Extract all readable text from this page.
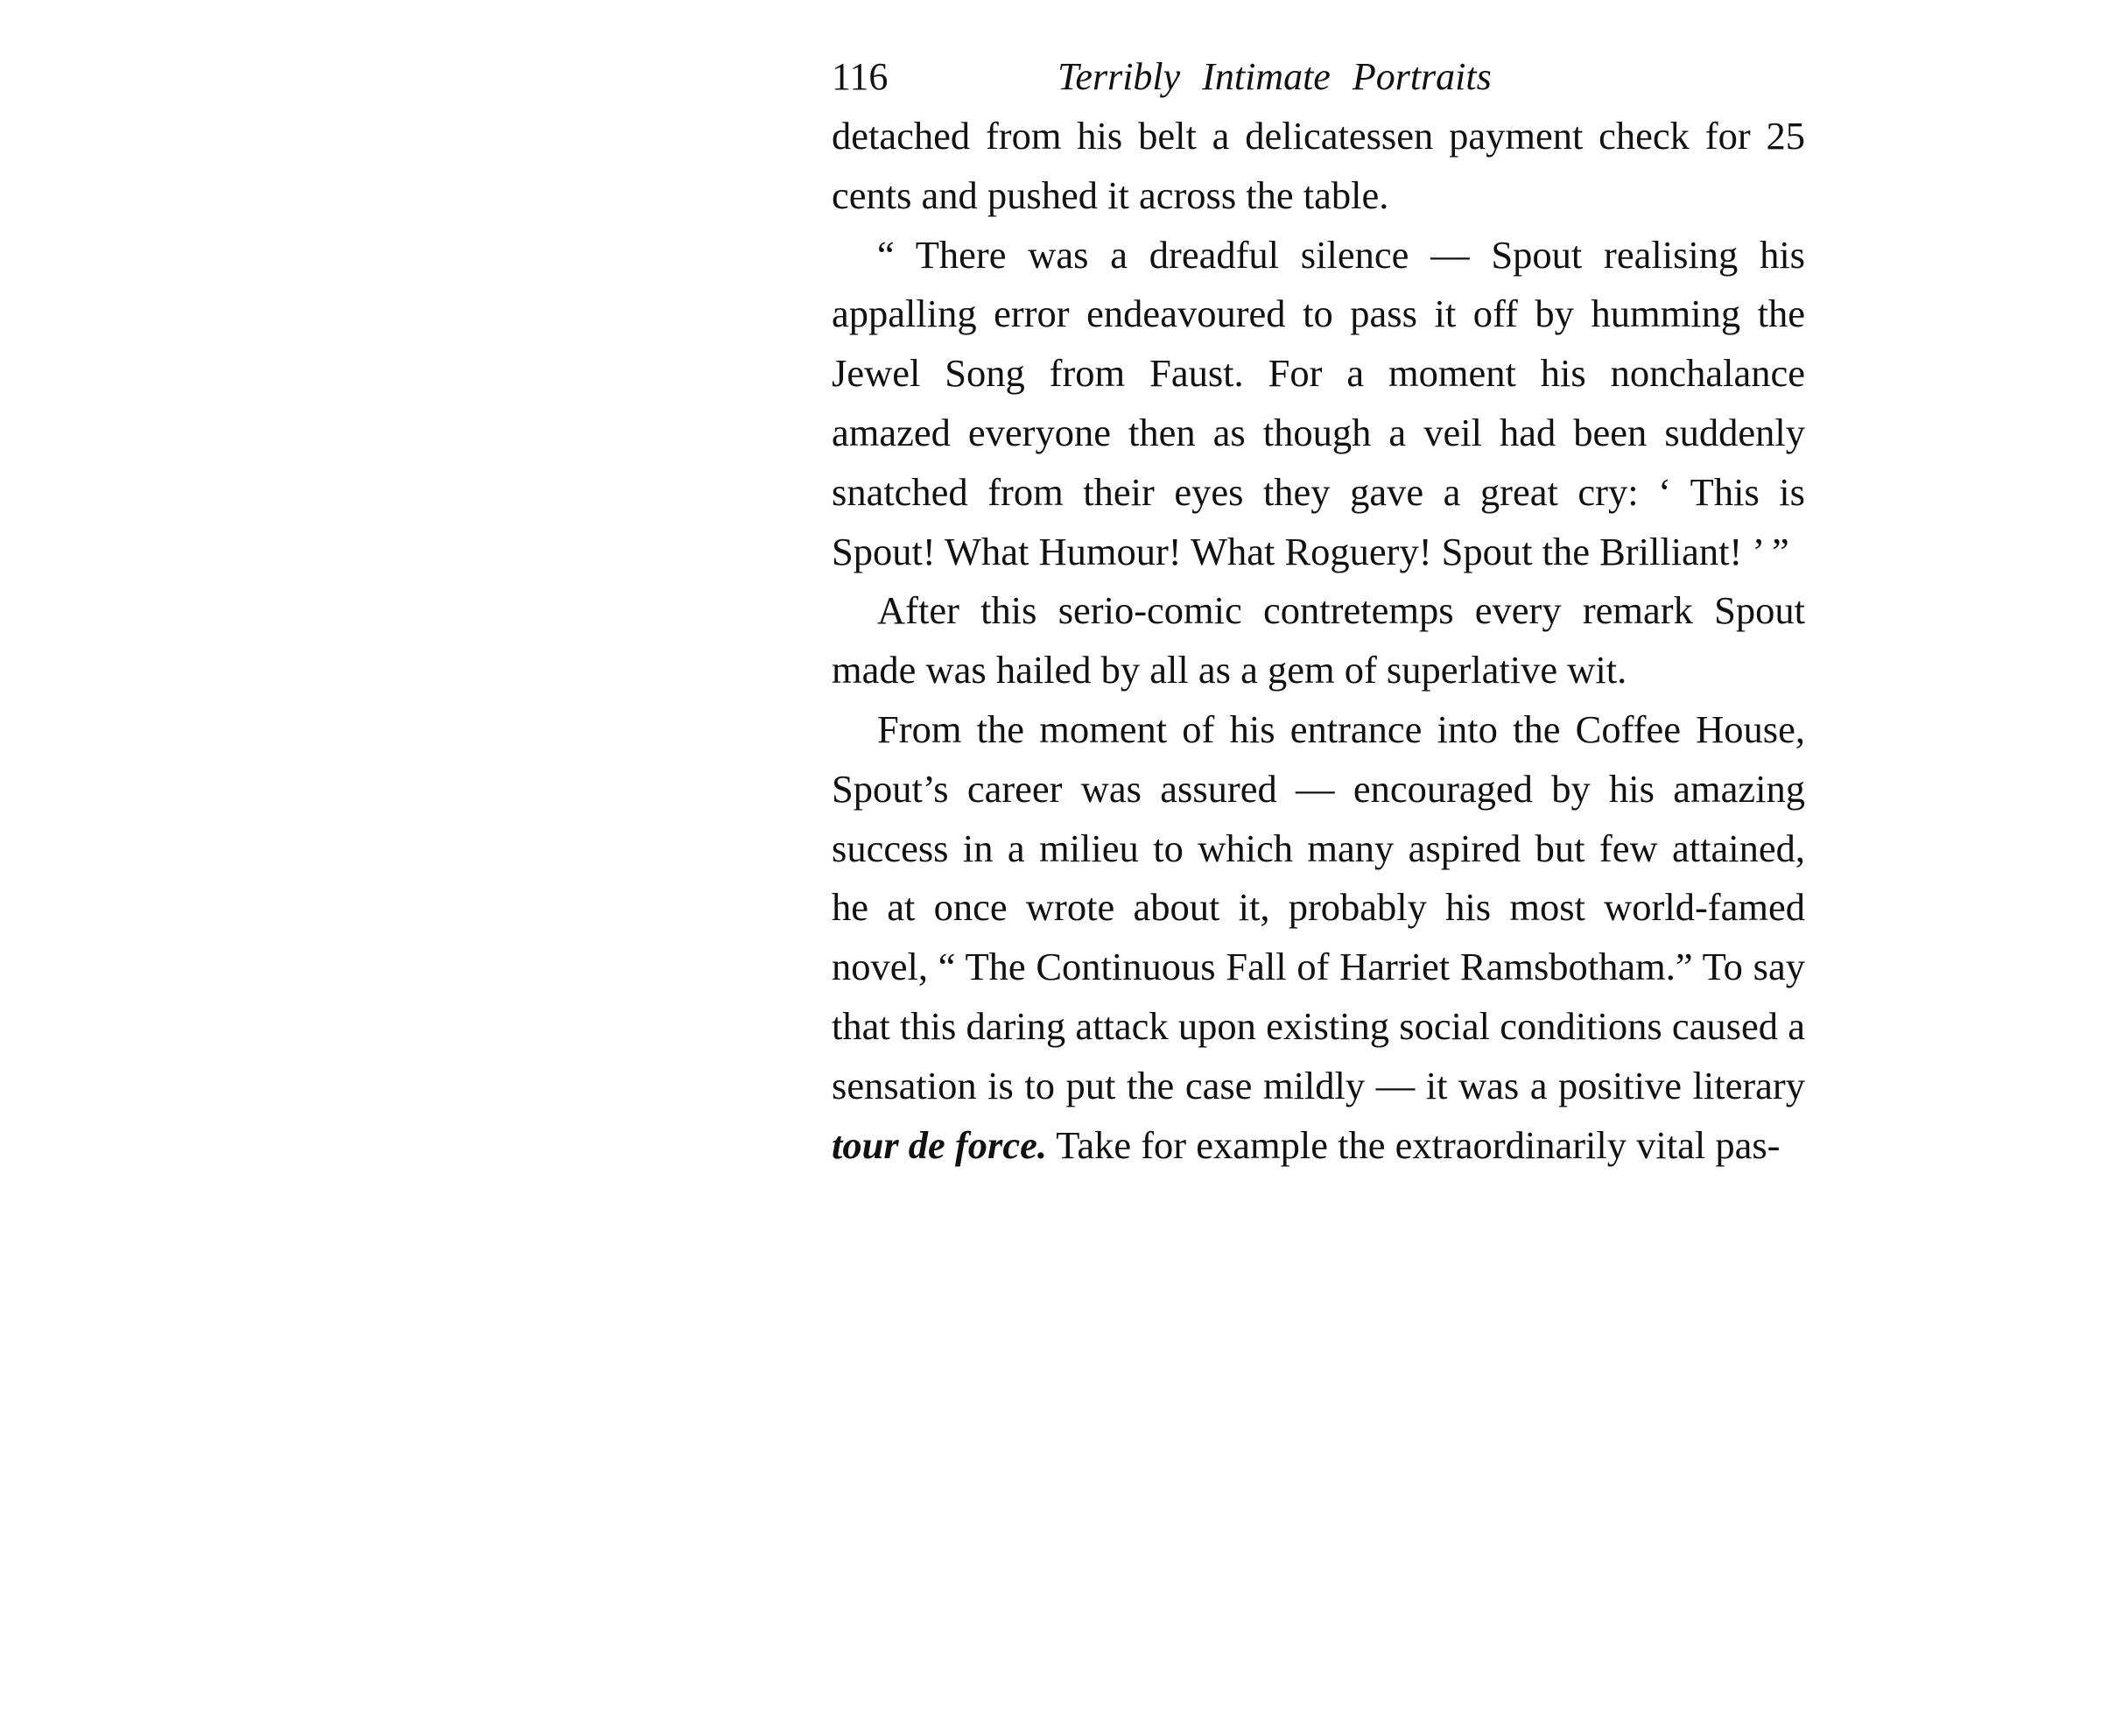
116	Terribly Intimate Portraits

detached from his belt a delicatessen payment check for 25 cents and pushed it across the table.

“ There was a dreadful silence — Spout realising his appalling error endeavoured to pass it off by humming the Jewel Song from Faust. For a moment his nonchalance amazed everyone then as though a veil had been suddenly snatched from their eyes they gave a great cry: ‘ This is Spout! What Humour! What Roguery! Spout the Brilliant! ’ ”

After this serio-comic contretemps every remark Spout made was hailed by all as a gem of superlative wit.

From the moment of his entrance into the Coffee House, Spout’s career was assured — encouraged by his amazing success in a milieu to which many aspired but few attained, he at once wrote about it, probably his most world-famed novel, “ The Continuous Fall of Harriet Ramsbotham.” To say that this daring attack upon existing social conditions caused a sensation is to put the case mildly — it was a positive literary tour de force. Take for example the extraordinarily vital pas-
